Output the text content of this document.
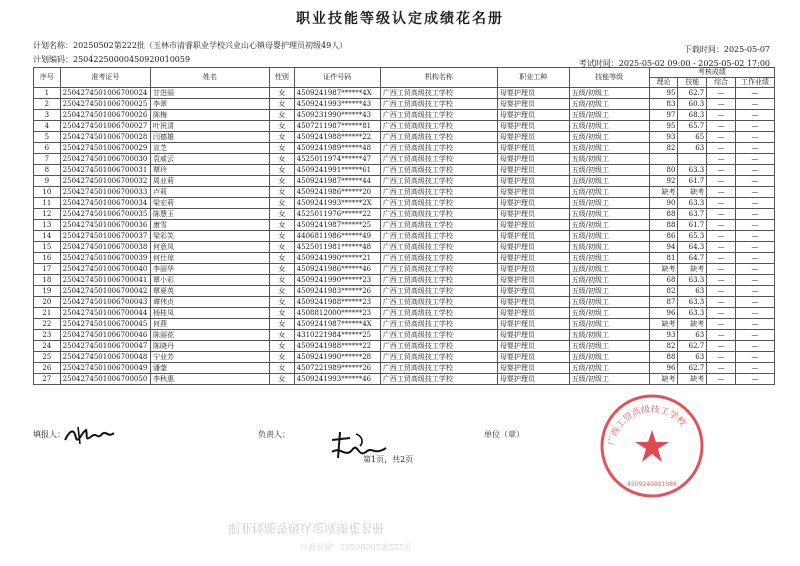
职业技能等级认定成绩花名册
计划名称：20250502第222批（玉林市清睿职业学校兴业山心镇母婴护理员初级49人）
计划编码：25042250000450920010059
下载时间：2025-05-07
考试时间：2025-05-02 09:00 - 2025-05-02 17:00
序号	准考证号	姓名	性别	证件号码	机构名称	职业工种	技能等级	考核成绩			
								理论	技能	综合	工作业绩
1	2504274501006700024	甘进丽	女	4509241987******4X	广西工贸高级技工学校	母婴护理员	五级/初级工	95	62.7	—	—
2	2504274501006700025	李翠	女	4509241993******43	广西工贸高级技工学校	母婴护理员	五级/初级工	83	60.3	—	—
3	2504274501006700026	陈梅	女	4509231990******43	广西工贸高级技工学校	母婴护理员	五级/初级工	97	68.3	—	—
4	2504274501006700027	叶祝清	女	4507211987******81	广西工贸高级技工学校	母婴护理员	五级/初级工	95	65.7	—	—
5	2504274501006700028	闫德雄	女	4509241988******22	广西工贸高级技工学校	母婴护理员	五级/初级工	93	65	—	—
6	2504274501006700029	宣芝	女	4509241989******48	广西工贸高级技工学校	母婴护理员	五级/初级工	82	63	—	—
7	2504274501006700030	袁威云	女	4525011974******47	广西工贸高级技工学校	母婴护理员	五级/初级工			—	—
8	2504274501006700031	覃玲	女	4509241991******61	广西工贸高级技工学校	母婴护理员	五级/初级工	80	63.3	—	—
9	2504274501006700032	周业莉	女	4509241987******44	广西工贸高级技工学校	母婴护理员	五级/初级工	92	61.7	—	—
10	2504274501006700033	卢莉	女	4509241986******20	广西工贸高级技工学校	母婴护理员	五级/初级工	缺考	缺考	—	—
11	2504274501006700034	梁宏莉	女	4509241993******2X	广西工贸高级技工学校	母婴护理员	五级/初级工	90	63.3	—	—
12	2504274501006700035	陈慧玉	女	4525011976******22	广西工贸高级技工学校	母婴护理员	五级/初级工	88	63.7	—	—
13	2504274501006700036	康雪	女	4509241987******25	广西工贸高级技工学校	母婴护理员	五级/初级工	88	61.7	—	—
14	2504274501006700037	梁彩笑	女	4406811986******49	广西工贸高级技工学校	母婴护理员	五级/初级工	86	65.3	—	—
15	2504274501006700038	何意凤	女	4525011981******48	广西工贸高级技工学校	母婴护理员	五级/初级工	94	64.3	—	—
16	2504274501006700039	何仕琼	女	4509241990******21	广西工贸高级技工学校	母婴护理员	五级/初级工	81	64.7	—	—
17	2504274501006700040	李丽华	女	4509241986******46	广西工贸高级技工学校	母婴护理员	五级/初级工	缺考	缺考	—	—
18	2504274501006700041	覃小彩	女	4509241990******23	广西工贸高级技工学校	母婴护理员	五级/初级工	68	63.3	—	—
19	2504274501006700042	覃夏英	女	4509241983******26	广西工贸高级技工学校	母婴护理员	五级/初级工	82	63	—	—
20	2504274501006700043	谭伟贞	女	4509241988******23	广西工贸高级技工学校	母婴护理员	五级/初级工	87	63.3	—	—
21	2504274501006700044	杨桂凤	女	4508812000******23	广西工贸高级技工学校	母婴护理员	五级/初级工	96	63.3	—	—
22	2504274501006700045	何燕	女	4509241987******4X	广西工贸高级技工学校	母婴护理员	五级/初级工	缺考	缺考	—	—
23	2504274501006700046	陈丽花	女	4310221984******25	广西工贸高级技工学校	母婴护理员	五级/初级工	93	63	—	—
24	2504274501006700047	陈晓丹	女	4509241988******22	广西工贸高级技工学校	母婴护理员	五级/初级工	82	62.7	—	—
25	2504274501006700048	宁业芳	女	4509241990******28	广西工贸高级技工学校	母婴护理员	五级/初级工	88	63	—	—
26	2504274501006700049	潘蓥	女	4507221989******26	广西工贸高级技工学校	母婴护理员	五级/初级工	96	62.7	—	—
27	2504274501006700050	李秋惠	女	4509241993******46	广西工贸高级技工学校	母婴护理员	五级/初级工	缺考	缺考	—	—
填报人：	负责人：	单位（章）
第1页，共2页
广西工贸高级技工学校
4509240001086
职业技能等级认定成绩花名册
计划名称：20250502第222批
